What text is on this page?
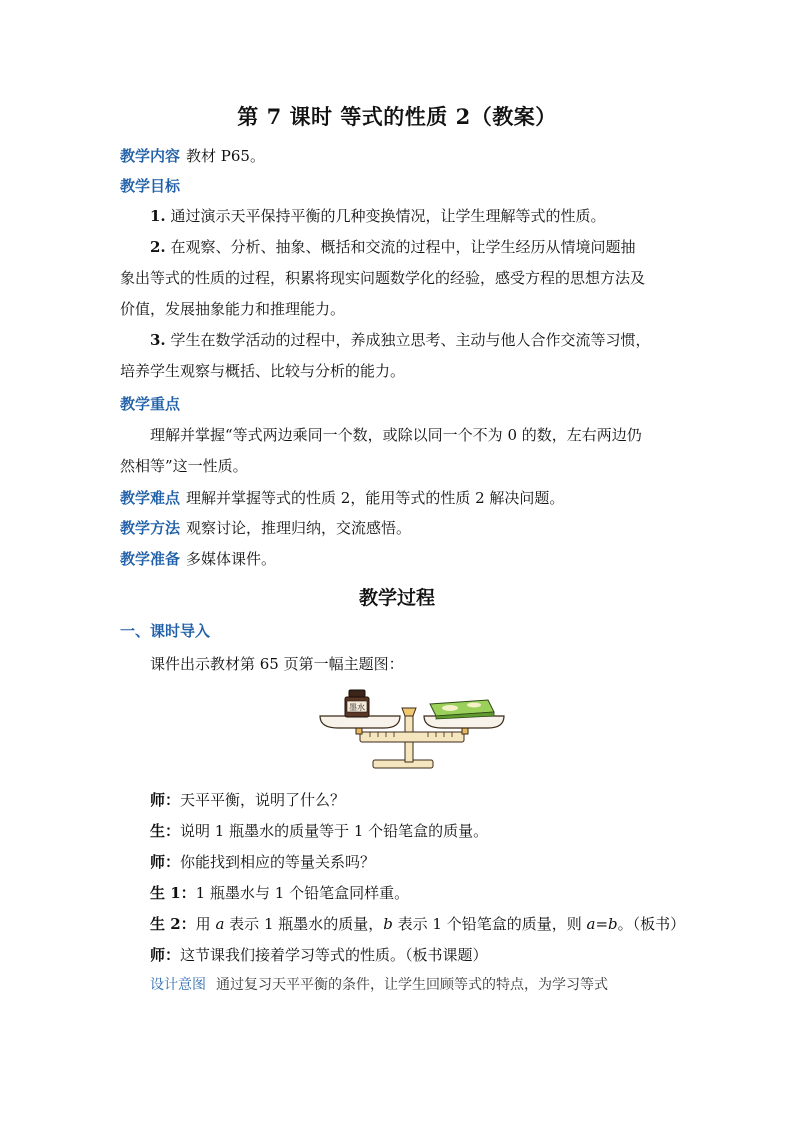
第 7 课时 等式的性质 2（教案）
教学内容 教材 P65。
教学目标
1. 通过演示天平保持平衡的几种变换情况，让学生理解等式的性质。
2. 在观察、分析、抽象、概括和交流的过程中，让学生经历从情境问题抽
象出等式的性质的过程，积累将现实问题数学化的经验，感受方程的思想方法及
价值，发展抽象能力和推理能力。
3. 学生在数学活动的过程中，养成独立思考、主动与他人合作交流等习惯，
培养学生观察与概括、比较与分析的能力。
教学重点
理解并掌握“等式两边乘同一个数，或除以同一个不为 0 的数，左右两边仍
然相等”这一性质。
教学难点 理解并掌握等式的性质 2，能用等式的性质 2 解决问题。
教学方法 观察讨论，推理归纳，交流感悟。
教学准备 多媒体课件。
教学过程
一、课时导入
课件出示教材第 65 页第一幅主题图：
墨水
师：天平平衡，说明了什么？
生：说明 1 瓶墨水的质量等于 1 个铅笔盒的质量。
师：你能找到相应的等量关系吗？
生 1：1 瓶墨水与 1 个铅笔盒同样重。
生 2：用 a 表示 1 瓶墨水的质量，b 表示 1 个铅笔盒的质量，则 a=b。（板书）
师：这节课我们接着学习等式的性质。（板书课题）
设计意图 通过复习天平平衡的条件，让学生回顾等式的特点，为学习等式
